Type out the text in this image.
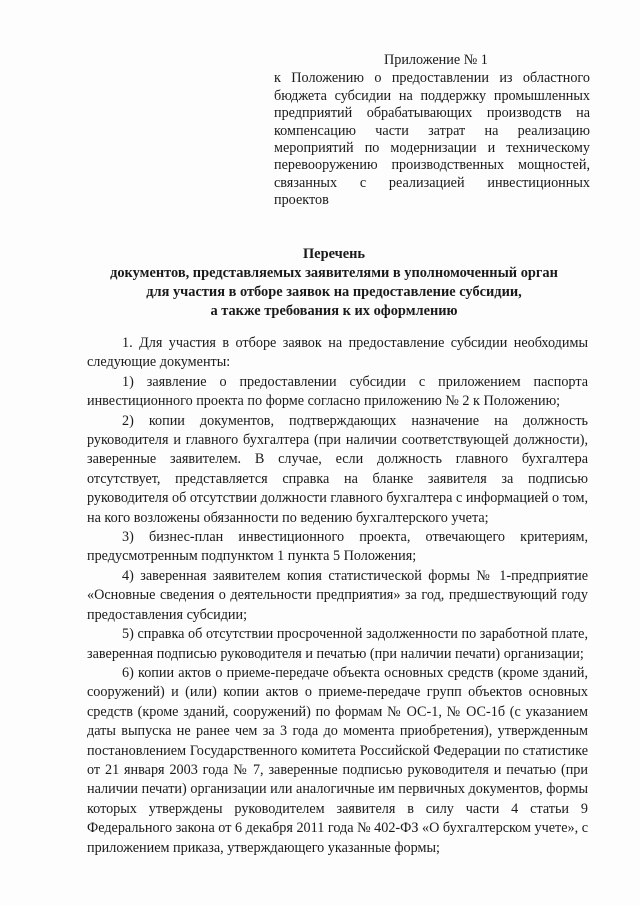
Приложение № 1
к Положению о предоставлении из областного бюджета субсидии на поддержку промышленных предприятий обрабатывающих производств на компенсацию части затрат на реализацию мероприятий по модернизации и техническому перевооружению производственных мощностей, связанных с реализацией инвестиционных проектов
Перечень
документов, представляемых заявителями в уполномоченный орган
для участия в отборе заявок на предоставление субсидии,
а также требования к их оформлению

1. Для участия в отборе заявок на предоставление субсидии необходимы следующие документы:

1) заявление о предоставлении субсидии с приложением паспорта инвестиционного проекта по форме согласно приложению № 2 к Положению;

2) копии документов, подтверждающих назначение на должность руководителя и главного бухгалтера (при наличии соответствующей должности), заверенные заявителем. В случае, если должность главного бухгалтера отсутствует, представляется справка на бланке заявителя за подписью руководителя об отсутствии должности главного бухгалтера с информацией о том, на кого возложены обязанности по ведению бухгалтерского учета;

3) бизнес-план инвестиционного проекта, отвечающего критериям, предусмотренным подпунктом 1 пункта 5 Положения;

4) заверенная заявителем копия статистической формы № 1-предприятие «Основные сведения о деятельности предприятия» за год, предшествующий году предоставления субсидии;

5) справка об отсутствии просроченной задолженности по заработной плате, заверенная подписью руководителя и печатью (при наличии печати) организации;

6) копии актов о приеме-передаче объекта основных средств (кроме зданий, сооружений) и (или) копии актов о приеме-передаче групп объектов основных средств (кроме зданий, сооружений) по формам № ОС-1, № ОС-1б (с указанием даты выпуска не ранее чем за 3 года до момента приобретения), утвержденным постановлением Государственного комитета Российской Федерации по статистике от 21 января 2003 года № 7, заверенные подписью руководителя и печатью (при наличии печати) организации или аналогичные им первичных документов, формы которых утверждены руководителем заявителя в силу части 4 статьи 9 Федерального закона от 6 декабря 2011 года № 402-ФЗ «О бухгалтерском учете», с приложением приказа, утверждающего указанные формы;
